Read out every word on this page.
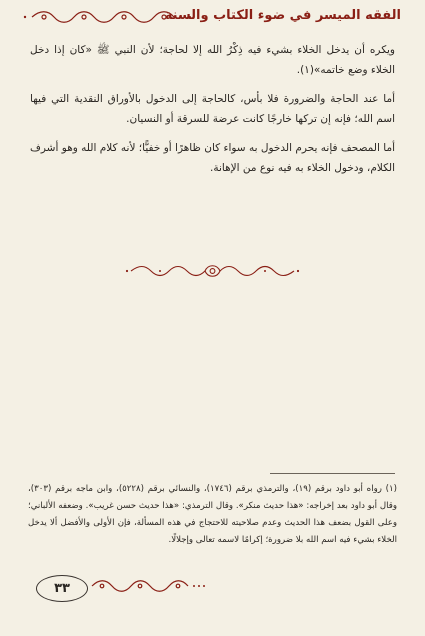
الفقه الميسر في ضوء الكتاب والسنة

ويكره أن يدخل الخلاء بشيء فيه ذِكْرُ الله إلا لحاجة؛ لأن النبي ﷺ «كان إذا دخل الخلاء وضع خاتمه»(١).

أما عند الحاجة والضرورة فلا بأس، كالحاجة إلى الدخول بالأوراق النقدية التي فيها اسم الله؛ فإنه إن تركها خارجًا كانت عرضة للسرقة أو النسيان.

أما المصحف فإنه يحرم الدخول به سواء كان ظاهرًا أو خفيًّا؛ لأنه كلام الله وهو أشرف الكلام، ودخول الخلاء به فيه نوع من الإهانة.

(١) رواه أبو داود برقم (١٩)، والترمذي برقم (١٧٤٦)، والنسائي برقم (٥٢٢٨)، وابن ماجه برقم (٣٠٣)، وقال أبو داود بعد إخراجه: «هذا حديث منكر». وقال الترمذي: «هذا حديث حسن غريب». وضعفه الألباني؛ وعلى القول بضعف هذا الحديث وعدم صلاحيته للاحتجاج في هذه المسألة، فإن الأولى والأفضل ألا يدخل الخلاء بشيء فيه اسم الله بلا ضرورة؛ إكرامًا لاسمه تعالى وإجلالًا.

٣٣
